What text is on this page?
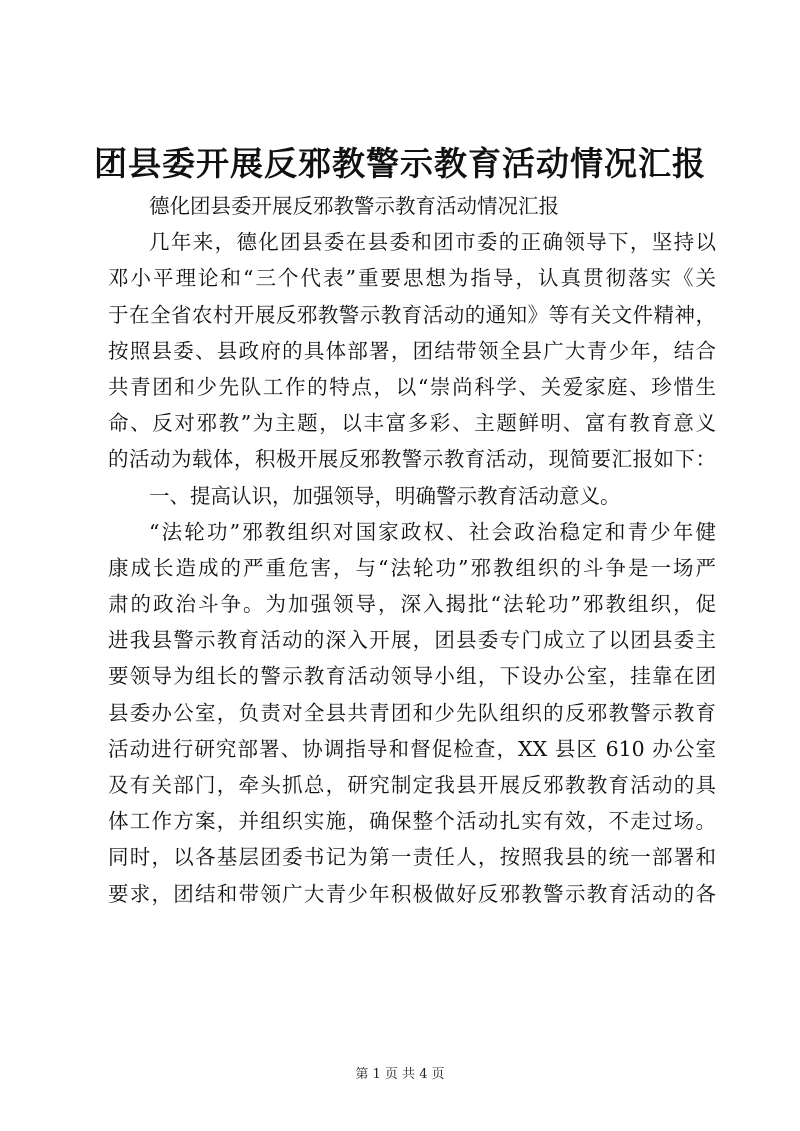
团县委开展反邪教警示教育活动情况汇报
德化团县委开展反邪教警示教育活动情况汇报
几年来，德化团县委在县委和团市委的正确领导下，坚持以
邓小平理论和“三个代表”重要思想为指导，认真贯彻落实《关
于在全省农村开展反邪教警示教育活动的通知》等有关文件精神，
按照县委、县政府的具体部署，团结带领全县广大青少年，结合
共青团和少先队工作的特点，以“崇尚科学、关爱家庭、珍惜生
命、反对邪教”为主题，以丰富多彩、主题鲜明、富有教育意义
的活动为载体，积极开展反邪教警示教育活动，现简要汇报如下：
一、提高认识，加强领导，明确警示教育活动意义。
“法轮功”邪教组织对国家政权、社会政治稳定和青少年健
康成长造成的严重危害，与“法轮功”邪教组织的斗争是一场严
肃的政治斗争。为加强领导，深入揭批“法轮功”邪教组织，促
进我县警示教育活动的深入开展，团县委专门成立了以团县委主
要领导为组长的警示教育活动领导小组，下设办公室，挂靠在团
县委办公室，负责对全县共青团和少先队组织的反邪教警示教育
活动进行研究部署、协调指导和督促检查，XX 县区 610 办公室
及有关部门，牵头抓总，研究制定我县开展反邪教教育活动的具
体工作方案，并组织实施，确保整个活动扎实有效，不走过场。
同时，以各基层团委书记为第一责任人，按照我县的统一部署和
要求，团结和带领广大青少年积极做好反邪教警示教育活动的各
第 1 页 共 4 页
